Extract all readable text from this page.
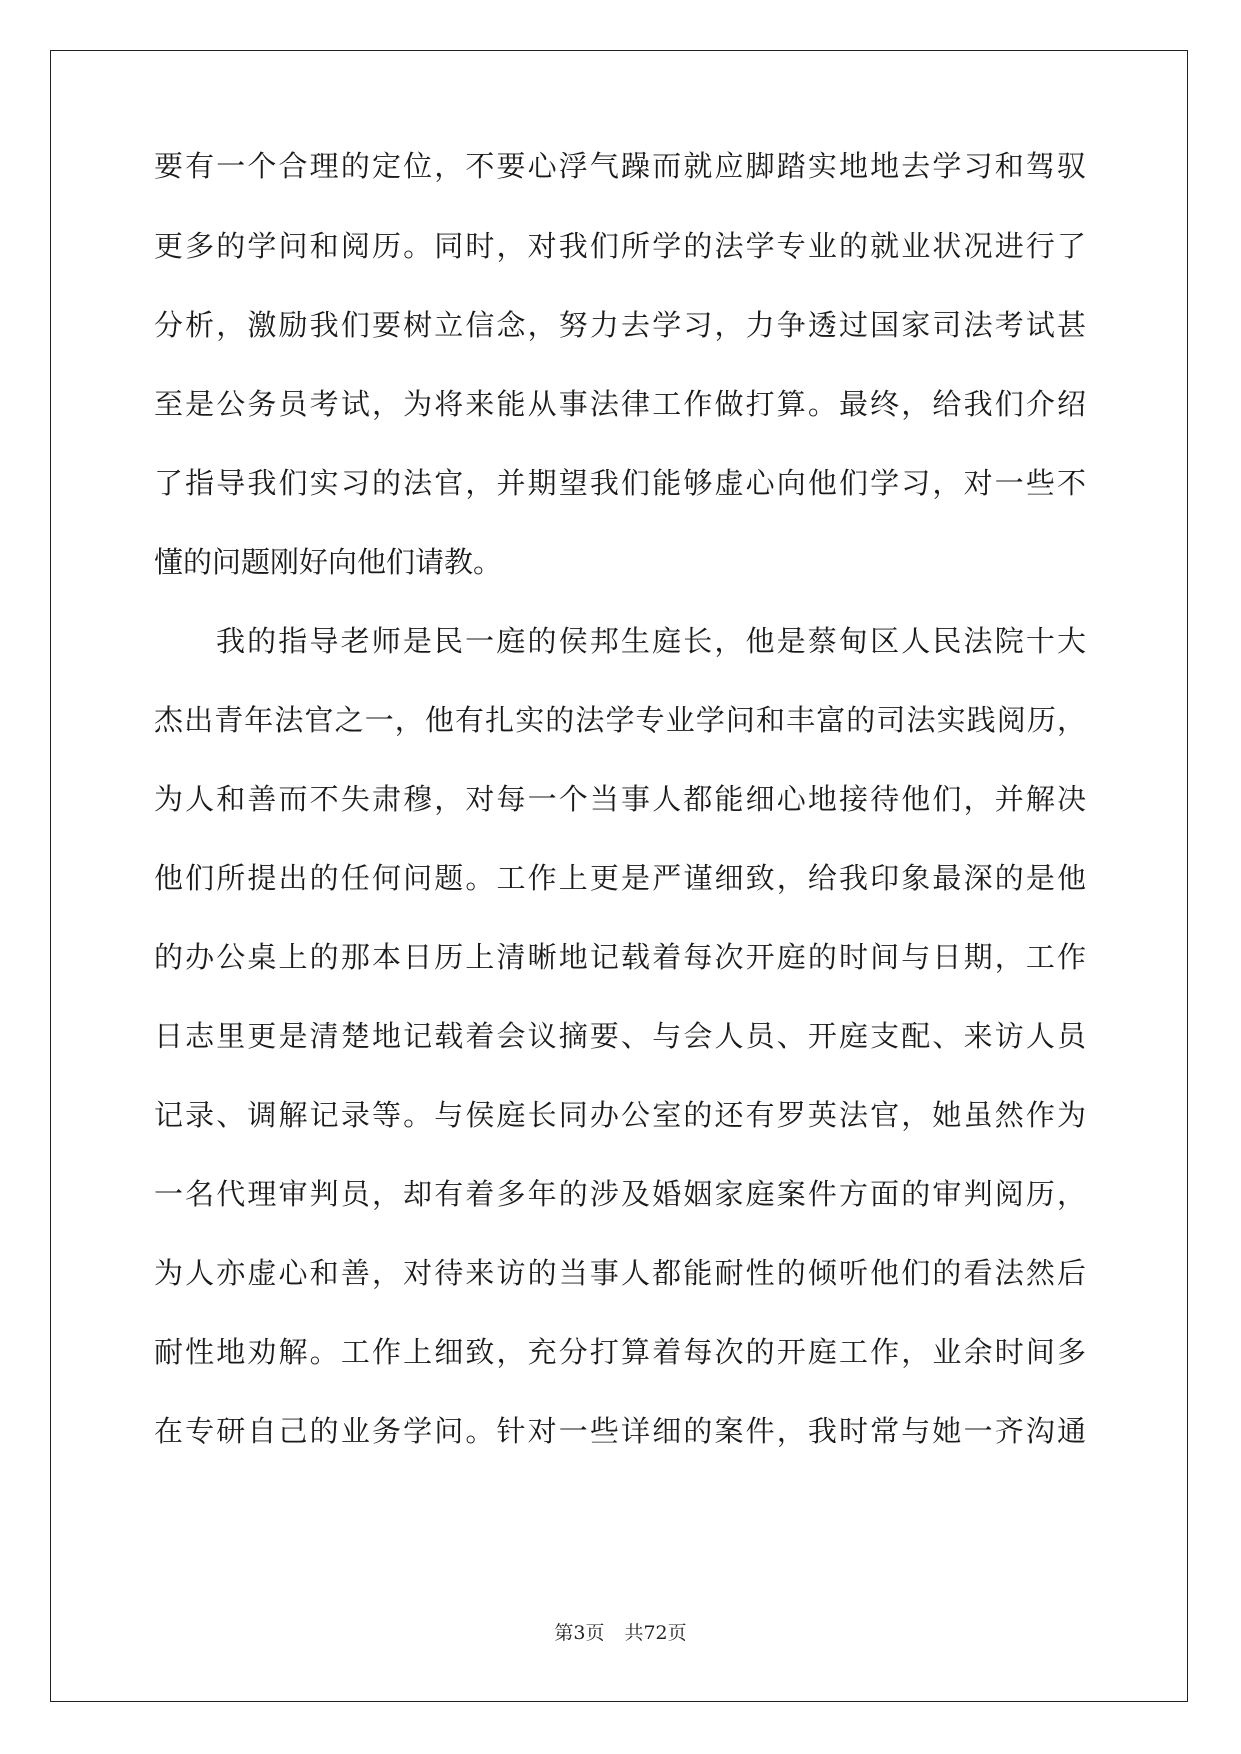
要有一个合理的定位，不要心浮气躁而就应脚踏实地地去学习和驾驭
更多的学问和阅历。同时，对我们所学的法学专业的就业状况进行了
分析，激励我们要树立信念，努力去学习，力争透过国家司法考试甚
至是公务员考试，为将来能从事法律工作做打算。最终，给我们介绍
了指导我们实习的法官，并期望我们能够虚心向他们学习，对一些不
懂的问题刚好向他们请教。
我的指导老师是民一庭的侯邦生庭长，他是蔡甸区人民法院十大
杰出青年法官之一，他有扎实的法学专业学问和丰富的司法实践阅历，
为人和善而不失肃穆，对每一个当事人都能细心地接待他们，并解决
他们所提出的任何问题。工作上更是严谨细致，给我印象最深的是他
的办公桌上的那本日历上清晰地记载着每次开庭的时间与日期，工作
日志里更是清楚地记载着会议摘要、与会人员、开庭支配、来访人员
记录、调解记录等。与侯庭长同办公室的还有罗英法官，她虽然作为
一名代理审判员，却有着多年的涉及婚姻家庭案件方面的审判阅历，
为人亦虚心和善，对待来访的当事人都能耐性的倾听他们的看法然后
耐性地劝解。工作上细致，充分打算着每次的开庭工作，业余时间多
在专研自己的业务学问。针对一些详细的案件，我时常与她一齐沟通
第3页 共72页
